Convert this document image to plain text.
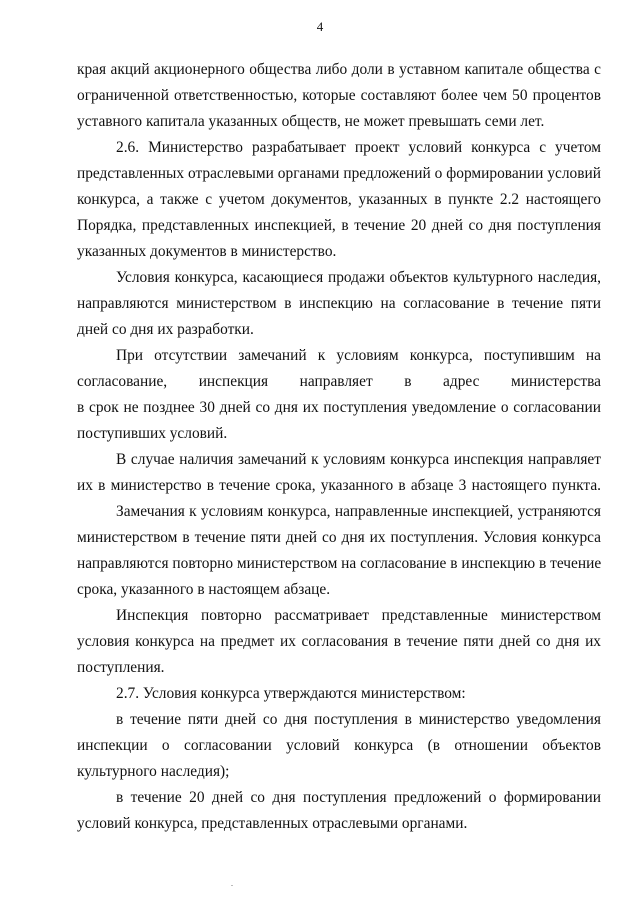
4
края акций акционерного общества либо доли в уставном капитале общества с
ограниченной ответственностью, которые составляют более чем 50 процентов
уставного капитала указанных обществ, не может превышать семи лет.
2.6. Министерство разрабатывает проект условий конкурса с учетом
представленных отраслевыми органами предложений о формировании условий
конкурса, а также с учетом документов, указанных в пункте 2.2 настоящего
Порядка, представленных инспекцией, в течение 20 дней со дня поступления
указанных документов в министерство.
Условия конкурса, касающиеся продажи объектов культурного наследия,
направляются министерством в инспекцию на согласование в течение пяти
дней со дня их разработки.
При отсутствии замечаний к условиям конкурса, поступившим на
согласование, инспекция направляет в адрес министерства
в срок не позднее 30 дней со дня их поступления уведомление о согласовании
поступивших условий.
В случае наличия замечаний к условиям конкурса инспекция направляет
их в министерство в течение срока, указанного в абзаце 3 настоящего пункта.
Замечания к условиям конкурса, направленные инспекцией, устраняются
министерством в течение пяти дней со дня их поступления. Условия конкурса
направляются повторно министерством на согласование в инспекцию в течение
срока, указанного в настоящем абзаце.
Инспекция повторно рассматривает представленные министерством
условия конкурса на предмет их согласования в течение пяти дней со дня их
поступления.
2.7. Условия конкурса утверждаются министерством:
в течение пяти дней со дня поступления в министерство уведомления
инспекции о согласовании условий конкурса (в отношении объектов
культурного наследия);
в течение 20 дней со дня поступления предложений о формировании
условий конкурса, представленных отраслевыми органами.
